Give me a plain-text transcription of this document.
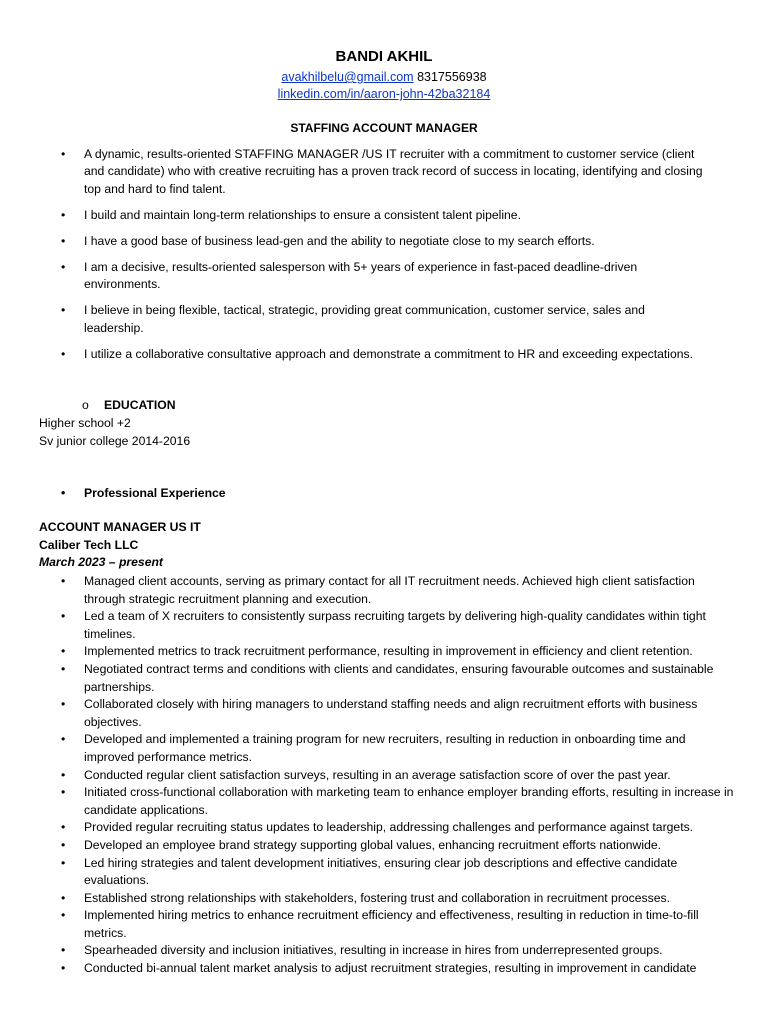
BANDI AKHIL
avakhilbelu@gmail.com 8317556938
linkedin.com/in/aaron-john-42ba32184
STAFFING ACCOUNT MANAGER
• A dynamic, results-oriented STAFFING MANAGER /US IT recruiter with a commitment to customer service (client and candidate) who with creative recruiting has a proven track record of success in locating, identifying and closing top and hard to find talent.
• I build and maintain long-term relationships to ensure a consistent talent pipeline.
• I have a good base of business lead-gen and the ability to negotiate close to my search efforts.
• I am a decisive, results-oriented salesperson with 5+ years of experience in fast-paced deadline-driven environments.
• I believe in being flexible, tactical, strategic, providing great communication, customer service, sales and leadership.
• I utilize a collaborative consultative approach and demonstrate a commitment to HR and exceeding expectations.
o EDUCATION
Higher school +2
Sv junior college 2014-2016
• Professional Experience
ACCOUNT MANAGER US IT
Caliber Tech LLC
March 2023 – present
• Managed client accounts, serving as primary contact for all IT recruitment needs. Achieved high client satisfaction through strategic recruitment planning and execution.
• Led a team of X recruiters to consistently surpass recruiting targets by delivering high-quality candidates within tight timelines.
• Implemented metrics to track recruitment performance, resulting in improvement in efficiency and client retention.
• Negotiated contract terms and conditions with clients and candidates, ensuring favourable outcomes and sustainable partnerships.
• Collaborated closely with hiring managers to understand staffing needs and align recruitment efforts with business objectives.
• Developed and implemented a training program for new recruiters, resulting in reduction in onboarding time and improved performance metrics.
• Conducted regular client satisfaction surveys, resulting in an average satisfaction score of over the past year.
• Initiated cross-functional collaboration with marketing team to enhance employer branding efforts, resulting in increase in candidate applications.
• Provided regular recruiting status updates to leadership, addressing challenges and performance against targets.
• Developed an employee brand strategy supporting global values, enhancing recruitment efforts nationwide.
• Led hiring strategies and talent development initiatives, ensuring clear job descriptions and effective candidate evaluations.
• Established strong relationships with stakeholders, fostering trust and collaboration in recruitment processes.
• Implemented hiring metrics to enhance recruitment efficiency and effectiveness, resulting in reduction in time-to-fill metrics.
• Spearheaded diversity and inclusion initiatives, resulting in increase in hires from underrepresented groups.
• Conducted bi-annual talent market analysis to adjust recruitment strategies, resulting in improvement in candidate
